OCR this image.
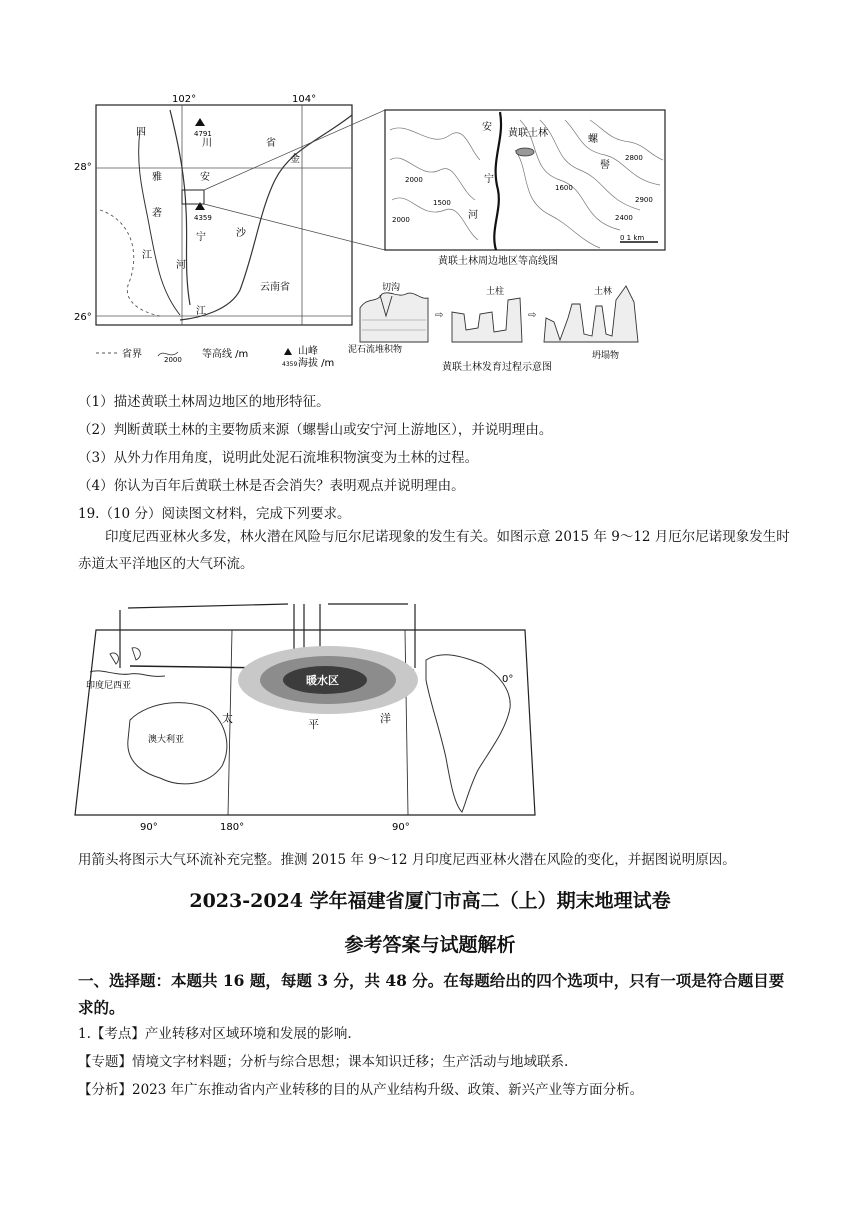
102°	104°
28°
26°
4791
4359
四
川	省
金
安
雅
砻
宁	沙
河
江
江
云南省
省界	2000 等高线 /m
4359
山峰
海拔 /m
黄联土林
安
宁
河
螺
髻
2000
1500
1600
2000	2400
2800
2900
0 1 km
黄联土林周边地区等高线图
切沟
泥石流堆积物
⇨
土柱
⇨
土林
坍塌物
黄联土林发育过程示意图
（1）描述黄联土林周边地区的地形特征。
（2）判断黄联土林的主要物质来源（螺髻山或安宁河上游地区），并说明理由。
（3）从外力作用角度，说明此处泥石流堆积物演变为土林的过程。
（4）你认为百年后黄联土林是否会消失？表明观点并说明理由。
19.（10 分）阅读图文材料，完成下列要求。
印度尼西亚林火多发，林火潜在风险与厄尔尼诺现象的发生有关。如图示意 2015 年 9～12 月厄尔尼诺现象发生时赤道太平洋地区的大气环流。
暖水区	0°
印度尼西亚
澳大利亚
太	平	洋
90°	180°	90°
用箭头将图示大气环流补充完整。推测 2015 年 9～12 月印度尼西亚林火潜在风险的变化，并据图说明原因。
2023-2024 学年福建省厦门市高二（上）期末地理试卷
参考答案与试题解析
一、选择题：本题共 16 题，每题 3 分，共 48 分。在每题给出的四个选项中，只有一项是符合题目要求的。
1.【考点】产业转移对区域环境和发展的影响.
【专题】情境文字材料题；分析与综合思想；课本知识迁移；生产活动与地域联系.
【分析】2023 年广东推动省内产业转移的目的从产业结构升级、政策、新兴产业等方面分析。
